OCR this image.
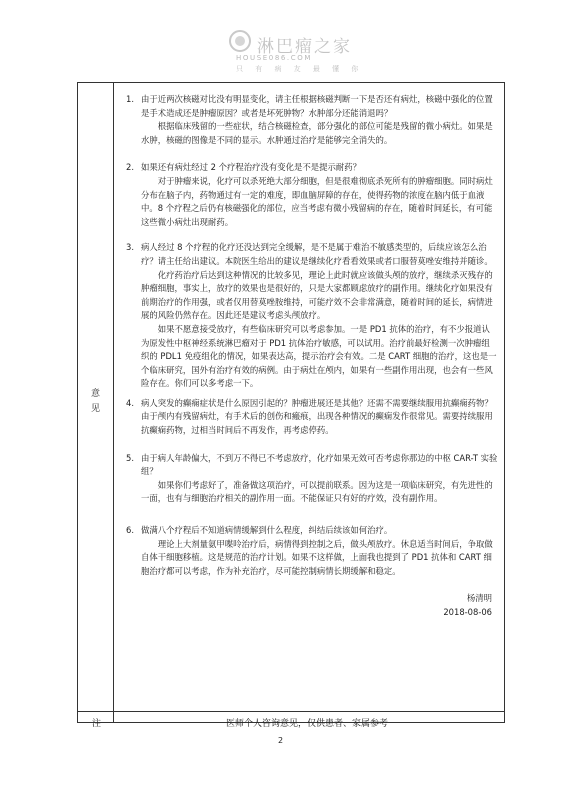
淋巴瘤之家
HOUSE086.COM
只 有 病 友 最 懂 你
意见
注	医师个人咨询意见，仅供患者、家属参考
1. 由于近两次核磁对比没有明显变化，请主任根据核磁判断一下是否还有病灶，核磁中强化的位置是手术造成还是肿瘤原因？或者是坏死肿物？水肿部分还能消退吗？

根据临床残留的一些症状，结合核磁检查，部分强化的部位可能是残留的微小病灶。如果是水肿，核磁的图像是不同的显示。水肿通过治疗是能够完全消失的。

2. 如果还有病灶经过 2 个疗程治疗没有变化是不是提示耐药？

对于肿瘤来说，化疗可以杀死绝大部分细胞，但是很难彻底杀死所有的肿瘤细胞。同时病灶分布在脑子内，药物通过有一定的难度，即血脑屏障的存在，使得药物的浓度在脑内低于血液中。8 个疗程之后仍有核磁强化的部位，应当考虑有微小残留病的存在，随着时间延长，有可能这些微小病灶出现耐药。

3. 病人经过 8 个疗程的化疗还没达到完全缓解，是不是属于难治不敏感类型的，后续应该怎么治疗？请主任给出建议。本院医生给出的建议是继续化疗看看效果或者口服替莫唑安维持并随诊。

化疗药治疗后达到这种情况的比较多见，理论上此时就应该做头颅的放疗，继续杀灭残存的肿瘤细胞，事实上，放疗的效果也是很好的，只是大家都顾虑放疗的副作用。继续化疗如果没有前期治疗的作用强，或者仅用替莫唑胺维持，可能疗效不会非常满意，随着时间的延长，病情进展的风险仍然存在。因此还是建议考虑头颅放疗。

如果不愿意接受放疗，有些临床研究可以考虑参加。一是 PD1 抗体的治疗，有不少报道认为原发性中枢神经系统淋巴瘤对于 PD1 抗体治疗敏感，可以试用。治疗前最好检测一次肿瘤组织的 PDL1 免疫组化的情况，如果表达高，提示治疗会有效。二是 CART 细胞的治疗，这也是一个临床研究，国外有治疗有效的病例。由于病灶在颅内，如果有一些副作用出现，也会有一些风险存在。你们可以多考虑一下。

4. 病人突发的癫痫症状是什么原因引起的？肿瘤进展还是其他？还需不需要继续服用抗癫痫药物？

由于颅内有残留病灶，有手术后的创伤和瘢痕，出现各种情况的癫痫发作很常见。需要持续服用抗癫痫药物，过相当时间后不再发作，再考虑停药。

5. 由于病人年龄偏大，不到万不得已不考虑放疗，化疗如果无效可否考虑你那边的中枢 CAR-T 实验组？

如果你们考虑好了，准备做这项治疗，可以提前联系。因为这是一项临床研究，有先进性的一面，也有与细胞治疗相关的副作用一面。不能保证只有好的疗效，没有副作用。

6. 做满八个疗程后不知道病情缓解到什么程度，纠结后续该如何治疗。

理论上大剂量氨甲喋呤治疗后，病情得到控制之后，做头颅放疗。休息适当时间后，争取做自体干细胞移植。这是规范的治疗计划。如果不这样做，上面我也提到了 PD1 抗体和 CART 细胞治疗都可以考虑，作为补充治疗，尽可能控制病情长期缓解和稳定。

杨清明
2018-08-06
2
